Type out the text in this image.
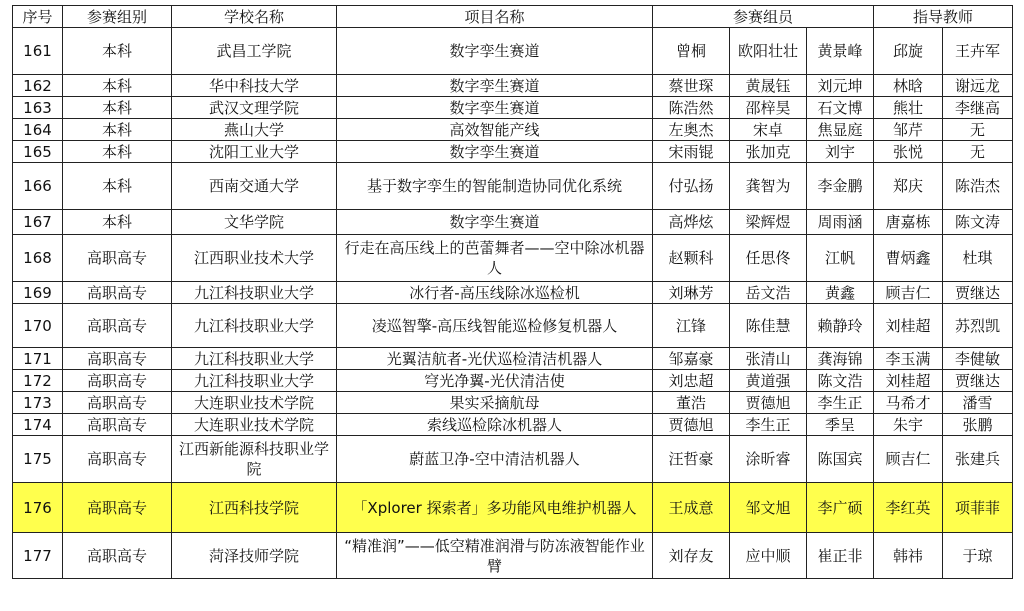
序号	参赛组别	学校名称	项目名称	参赛组员			指导教师	
161	本科	武昌工学院	数字孪生赛道	曾桐	欧阳壮壮	黄景峰	邱旋	王卉军
162	本科	华中科技大学	数字孪生赛道	蔡世琛	黄晟钰	刘元坤	林晗	谢远龙
163	本科	武汉文理学院	数字孪生赛道	陈浩然	邵梓昊	石文博	熊壮	李继高
164	本科	燕山大学	高效智能产线	左奥杰	宋卓	焦显庭	邹芹	无
165	本科	沈阳工业大学	数字孪生赛道	宋雨锟	张加克	刘宇	张悦	无
166	本科	西南交通大学	基于数字孪生的智能制造协同优化系统	付弘扬	龚智为	李金鹏	郑庆	陈浩杰
167	本科	文华学院	数字孪生赛道	高烨炫	梁辉煜	周雨涵	唐嘉栋	陈文涛
168	高职高专	江西职业技术大学	行走在高压线上的芭蕾舞者——空中除冰机器人	赵颗科	任思佟	江帆	曹炳鑫	杜琪
169	高职高专	九江科技职业大学	冰行者-高压线除冰巡检机	刘琳芳	岳文浩	黄鑫	顾吉仁	贾继达
170	高职高专	九江科技职业大学	凌巡智擎-高压线智能巡检修复机器人	江锋	陈佳慧	赖静玲	刘桂超	苏烈凯
171	高职高专	九江科技职业大学	光翼洁航者-光伏巡检清洁机器人	邹嘉豪	张清山	龚海锦	李玉满	李健敏
172	高职高专	九江科技职业大学	穹光净翼-光伏清洁使	刘忠超	黄道强	陈文浩	刘桂超	贾继达
173	高职高专	大连职业技术学院	果实采摘航母	董浩	贾德旭	李生正	马希才	潘雪
174	高职高专	大连职业技术学院	索线巡检除冰机器人	贾德旭	李生正	季呈	朱宇	张鹏
175	高职高专	江西新能源科技职业学院	蔚蓝卫净-空中清洁机器人	汪哲豪	涂昕睿	陈国宾	顾吉仁	张建兵
176	高职高专	江西科技学院	「Xplorer 探索者」多功能风电维护机器人	王成意	邹文旭	李广硕	李红英	项菲菲
177	高职高专	菏泽技师学院	“精准润”——低空精准润滑与防冻液智能作业臂	刘存友	应中顺	崔正非	韩祎	于琼
